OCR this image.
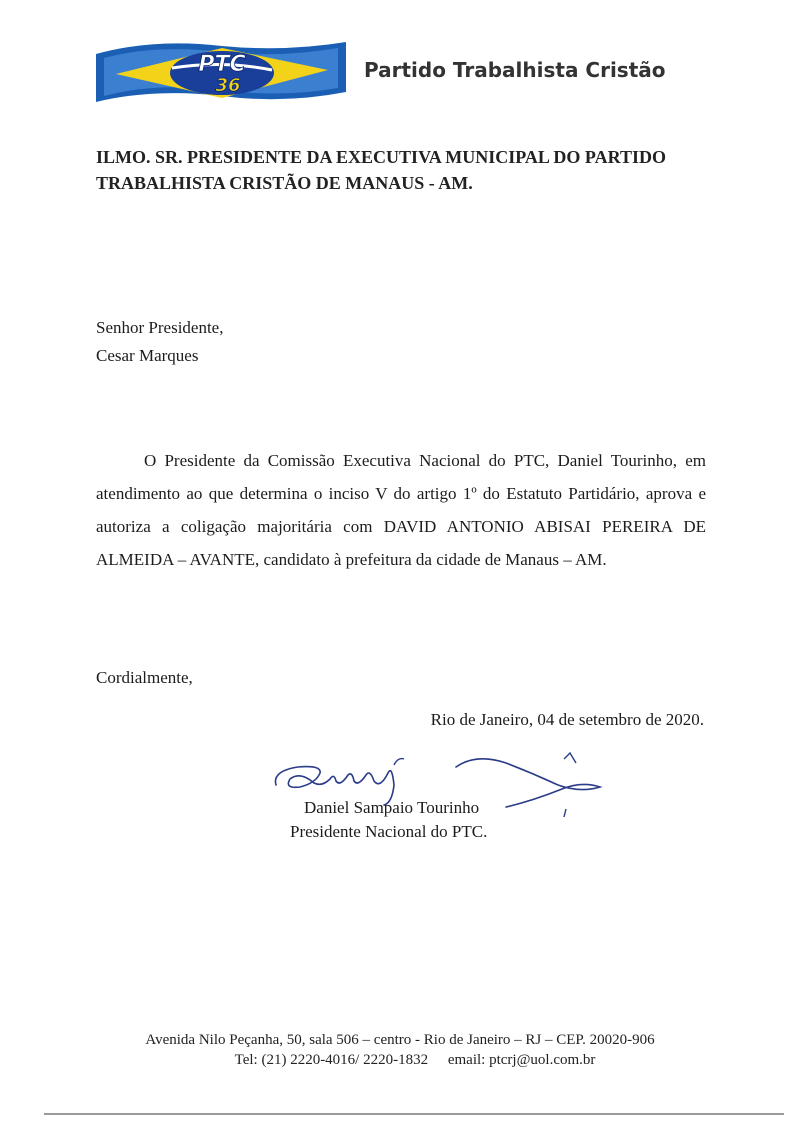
PTC
36
Partido Trabalhista Cristão
ILMO. SR. PRESIDENTE DA EXECUTIVA MUNICIPAL DO PARTIDO
TRABALHISTA CRISTÃO DE MANAUS - AM.
Senhor Presidente,
Cesar Marques

O Presidente da Comissão Executiva Nacional do PTC, Daniel Tourinho, em atendimento ao que determina o inciso V do artigo 1º do Estatuto Partidário, aprova e autoriza a coligação majoritária com DAVID ANTONIO ABISAI PEREIRA DE ALMEIDA – AVANTE, candidato à prefeitura da cidade de Manaus – AM.

Cordialmente,
Rio de Janeiro, 04 de setembro de 2020.
Daniel Sampaio Tourinho
Presidente Nacional do PTC.
Avenida Nilo Peçanha, 50, sala 506 – centro - Rio de Janeiro – RJ – CEP. 20020-906
Tel: (21) 2220-4016/ 2220-1832 email: ptcrj@uol.com.br
